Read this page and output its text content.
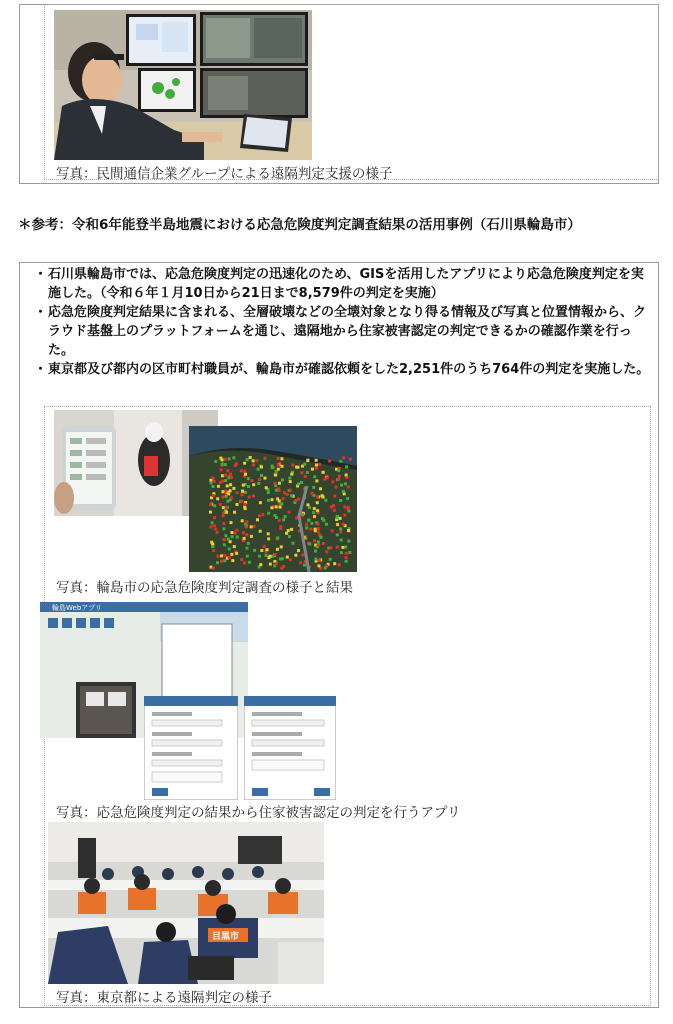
写真：民間通信企業グループによる遠隔判定支援の様子
＊参考：令和6年能登半島地震における応急危険度判定調査結果の活用事例（石川県輪島市）

・ 石川県輪島市では、応急危険度判定の迅速化のため、GISを活用したアプリにより応急危険度判定を実施した。（令和６年１月10日から21日まで8,579件の判定を実施）

・ 応急危険度判定結果に含まれる、全層破壊などの全壊対象となり得る情報及び写真と位置情報から、クラウド基盤上のプラットフォームを通じ、遠隔地から住家被害認定の判定できるかの確認作業を行った。

・ 東京都及び都内の区市町村職員が、輪島市が確認依頼をした2,251件のうち764件の判定を実施した。

写真：輪島市の応急危険度判定調査の様子と結果
輪島Webアプリ
写真：応急危険度判定の結果から住家被害認定の判定を行うアプリ
目黒市
写真：東京都による遠隔判定の様子
